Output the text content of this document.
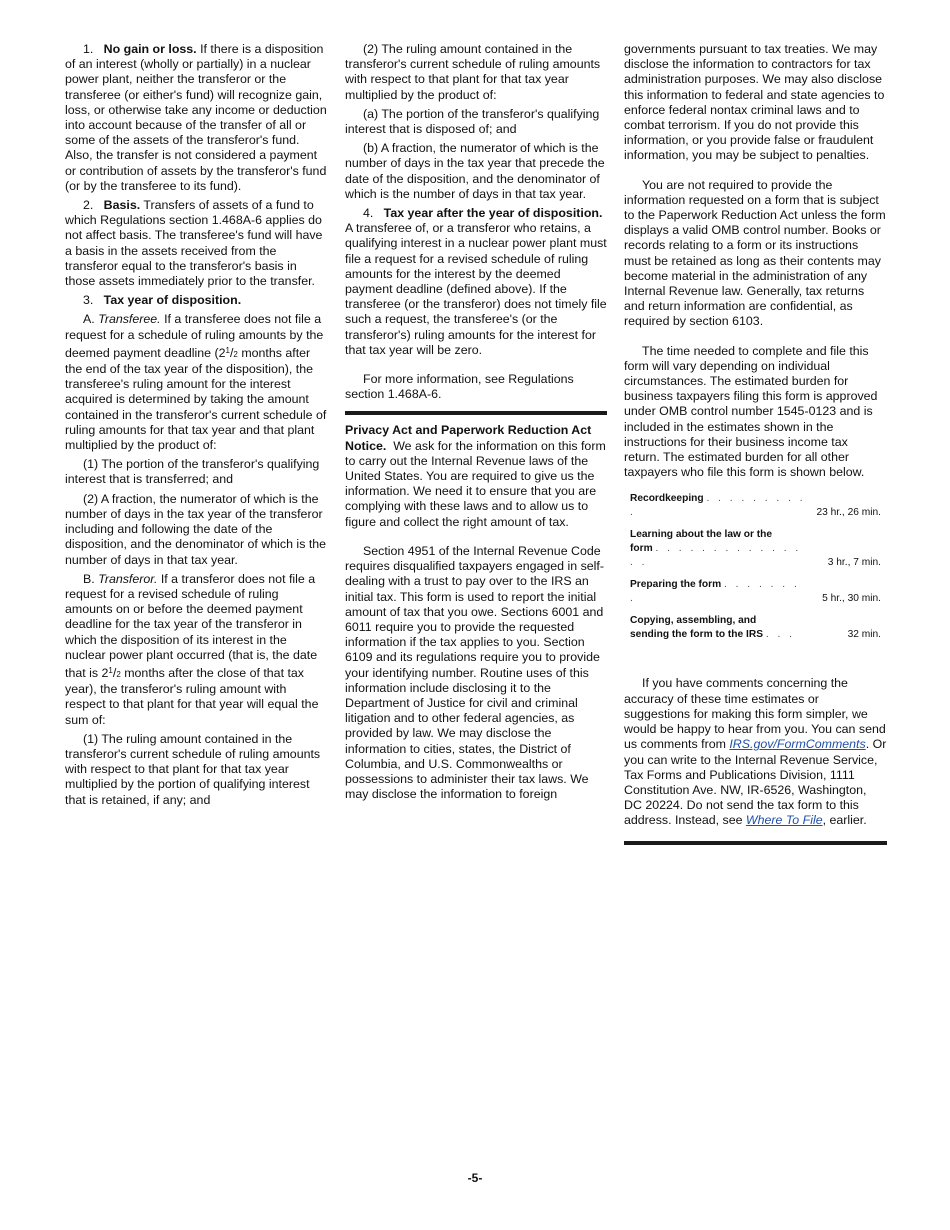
1. No gain or loss. If there is a disposition of an interest (wholly or partially) in a nuclear power plant, neither the transferor or the transferee (or either's fund) will recognize gain, loss, or otherwise take any income or deduction into account because of the transfer of all or some of the assets of the transferor's fund. Also, the transfer is not considered a payment or contribution of assets by the transferor's fund (or by the transferee to its fund).

2. Basis. Transfers of assets of a fund to which Regulations section 1.468A-6 applies do not affect basis. The transferee's fund will have a basis in the assets received from the transferor equal to the transferor's basis in those assets immediately prior to the transfer.

3. Tax year of disposition.

A. Transferee. If a transferee does not file a request for a schedule of ruling amounts by the deemed payment deadline ($2^1/2$ months after the end of the tax year of the disposition), the transferee's ruling amount for the interest acquired is determined by taking the amount contained in the transferor's current schedule of ruling amounts for that tax year and that plant multiplied by the product of:

(1) The portion of the transferor's qualifying interest that is transferred; and

(2) A fraction, the numerator of which is the number of days in the tax year of the transferor including and following the date of the disposition, and the denominator of which is the number of days in that tax year.

B. Transferor. If a transferor does not file a request for a revised schedule of ruling amounts on or before the deemed payment deadline for the tax year of the transferor in which the disposition of its interest in the nuclear power plant occurred (that is, the date that is $2^1/2$ months after the close of that tax year), the transferor's ruling amount with respect to that plant for that year will equal the sum of:

(1) The ruling amount contained in the transferor's current schedule of ruling amounts with respect to that plant for that tax year multiplied by the portion of qualifying interest that is retained, if any; and

(2) The ruling amount contained in the transferor's current schedule of ruling amounts with respect to that plant for that tax year multiplied by the product of:

(a) The portion of the transferor's qualifying interest that is disposed of; and

(b) A fraction, the numerator of which is the number of days in the tax year that precede the date of the disposition, and the denominator of which is the number of days in that tax year.

4. Tax year after the year of disposition. A transferee of, or a transferor who retains, a qualifying interest in a nuclear power plant must file a request for a revised schedule of ruling amounts for the interest by the deemed payment deadline (defined above). If the transferee (or the transferor) does not timely file such a request, the transferee's (or the transferor's) ruling amounts for the interest for that tax year will be zero.

For more information, see Regulations section 1.468A-6.

Privacy Act and Paperwork Reduction Act Notice. We ask for the information on this form to carry out the Internal Revenue laws of the United States. You are required to give us the information. We need it to ensure that you are complying with these laws and to allow us to figure and collect the right amount of tax.

Section 4951 of the Internal Revenue Code requires disqualified taxpayers engaged in self-dealing with a trust to pay over to the IRS an initial tax. This form is used to report the initial amount of tax that you owe. Sections 6001 and 6011 require you to provide the requested information if the tax applies to you. Section 6109 and its regulations require you to provide your identifying number. Routine uses of this information include disclosing it to the Department of Justice for civil and criminal litigation and to other federal agencies, as provided by law. We may disclose the information to cities, states, the District of Columbia, and U.S. Commonwealths or possessions to administer their tax laws. We may disclose the information to foreign

governments pursuant to tax treaties. We may disclose the information to contractors for tax administration purposes. We may also disclose this information to federal and state agencies to enforce federal nontax criminal laws and to combat terrorism. If you do not provide this information, or you provide false or fraudulent information, you may be subject to penalties.

You are not required to provide the information requested on a form that is subject to the Paperwork Reduction Act unless the form displays a valid OMB control number. Books or records relating to a form or its instructions must be retained as long as their contents may become material in the administration of any Internal Revenue law. Generally, tax returns and return information are confidential, as required by section 6103.

The time needed to complete and file this form will vary depending on individual circumstances. The estimated burden for business taxpayers filing this form is approved under OMB control number 1545-0123 and is included in the estimates shown in the instructions for their business income tax return. The estimated burden for all other taxpayers who file this form is shown below.

Recordkeeping . . . . . . . . . .	23 hr., 26 min.
Learning about the law or the
form . . . . . . . . . . . . . . .	3 hr., 7 min.
Preparing the form . . . . . . . .	5 hr., 30 min.
Copying, assembling, and
sending the form to the IRS . . .	32 min.

If you have comments concerning the accuracy of these time estimates or suggestions for making this form simpler, we would be happy to hear from you. You can send us comments from IRS.gov/FormComments. Or you can write to the Internal Revenue Service, Tax Forms and Publications Division, 1111 Constitution Ave. NW, IR-6526, Washington, DC 20224. Do not send the tax form to this address. Instead, see Where To File, earlier.

-5-
